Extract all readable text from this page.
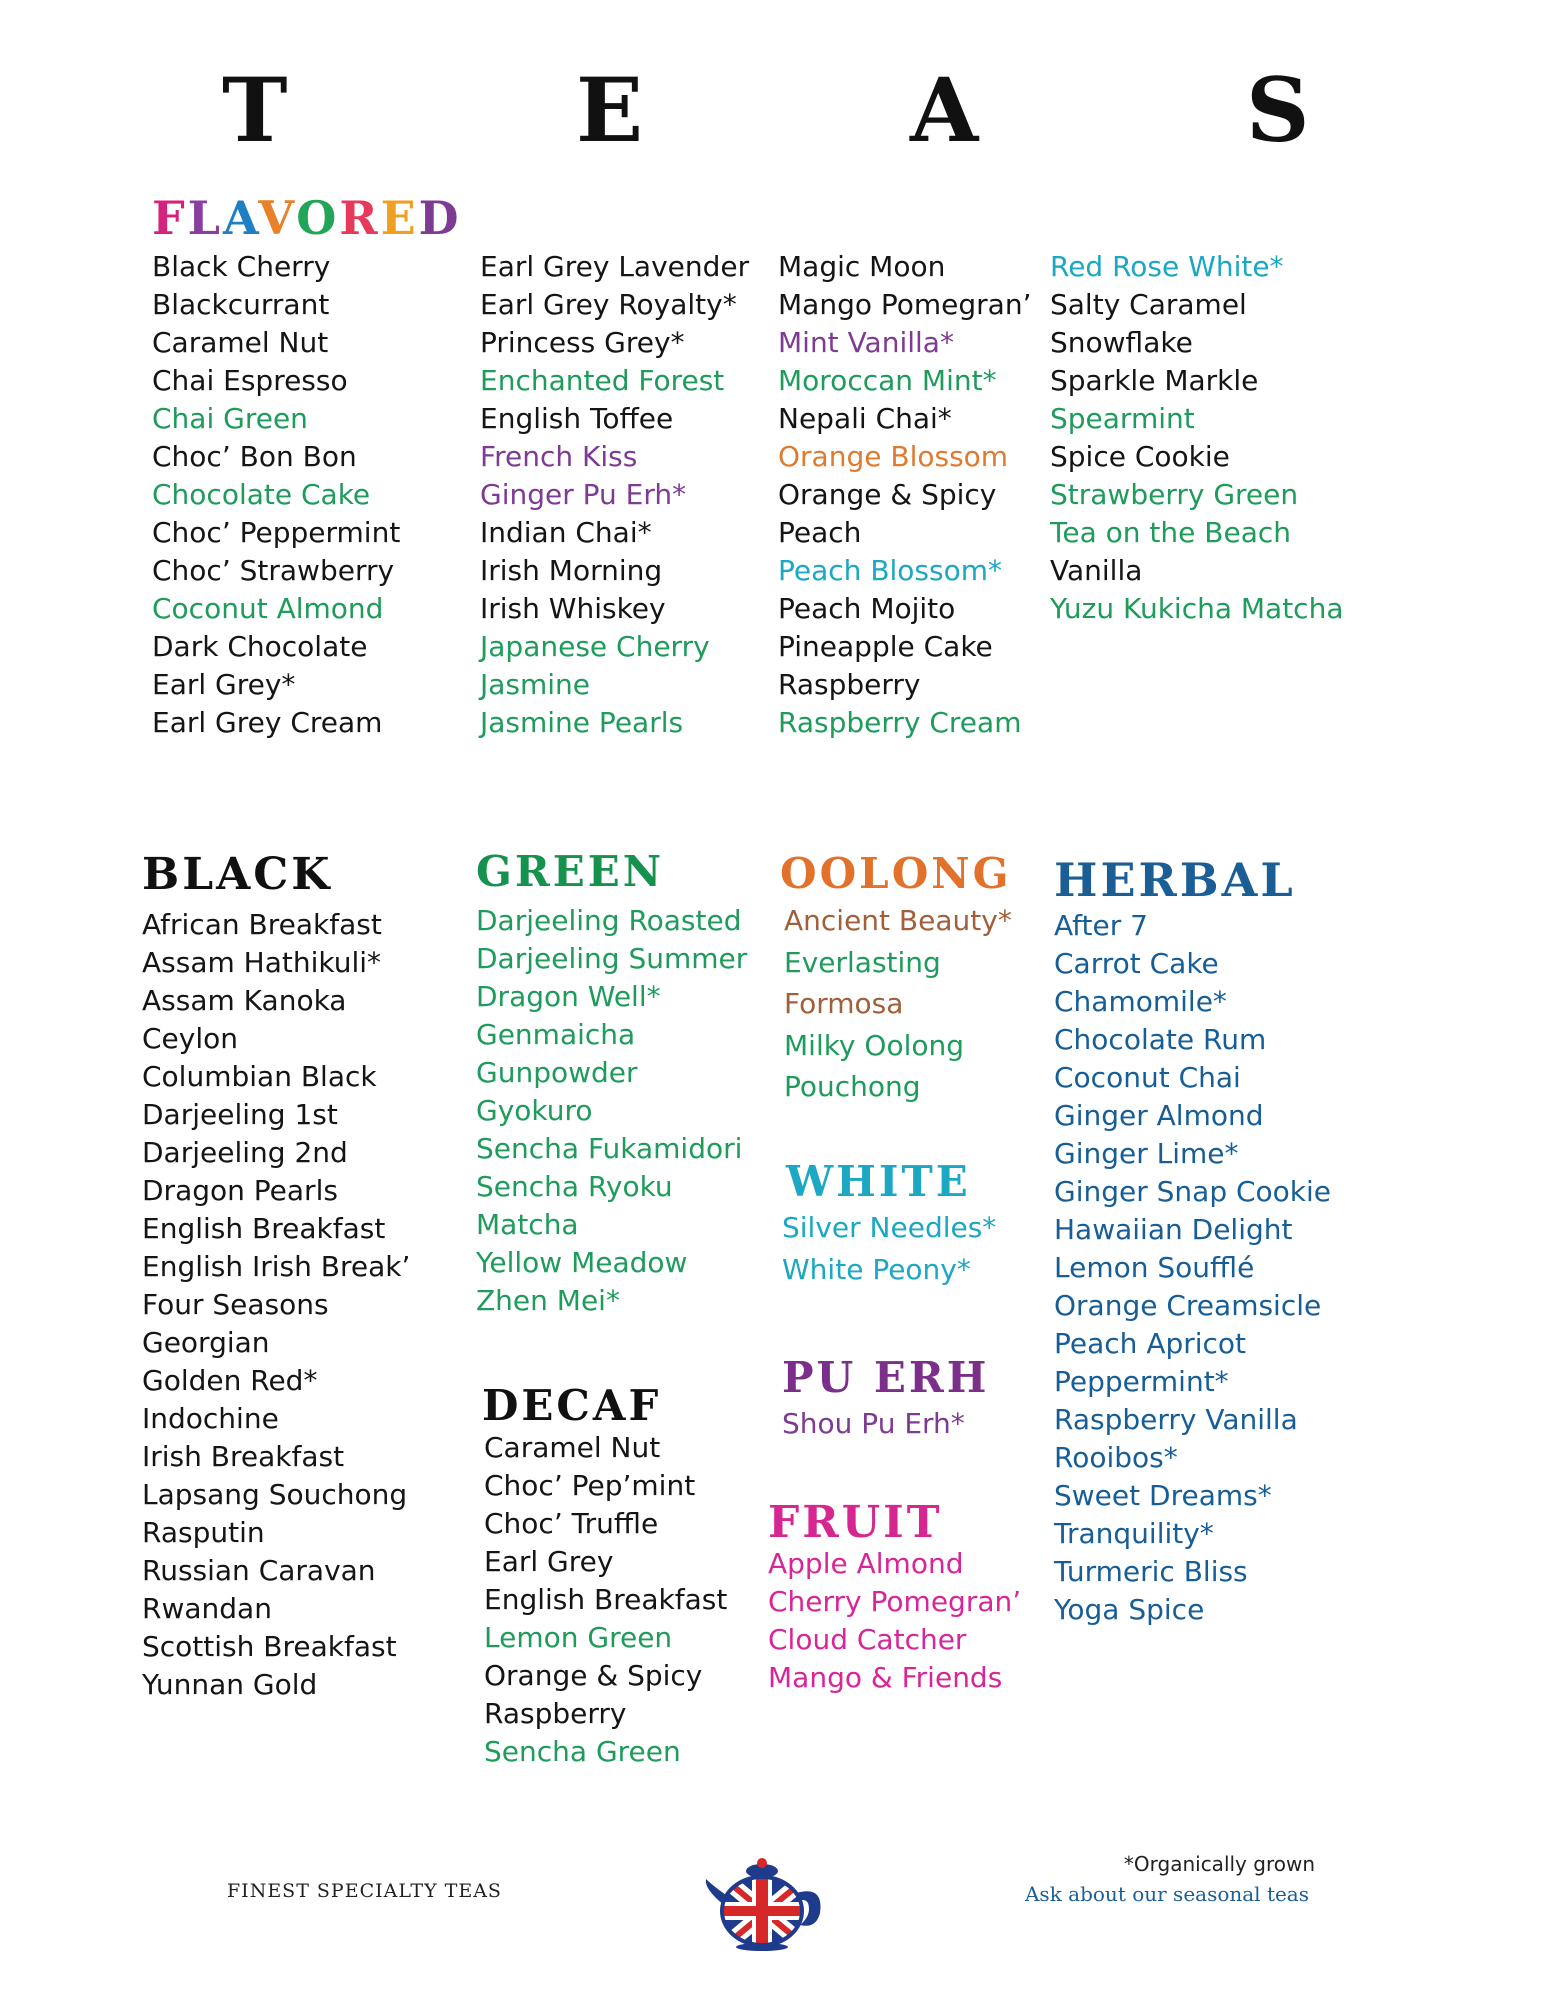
T	E	A	S
FLAVORED
Black Cherry
Blackcurrant
Caramel Nut
Chai Espresso
Chai Green
Choc’ Bon Bon
Chocolate Cake
Choc’ Peppermint
Choc’ Strawberry
Coconut Almond
Dark Chocolate
Earl Grey*
Earl Grey Cream
Earl Grey Lavender
Earl Grey Royalty*
Princess Grey*
Enchanted Forest
English Toffee
French Kiss
Ginger Pu Erh*
Indian Chai*
Irish Morning
Irish Whiskey
Japanese Cherry
Jasmine
Jasmine Pearls
Magic Moon
Mango Pomegran’
Mint Vanilla*
Moroccan Mint*
Nepali Chai*
Orange Blossom
Orange & Spicy
Peach
Peach Blossom*
Peach Mojito
Pineapple Cake
Raspberry
Raspberry Cream
Red Rose White*
Salty Caramel
Snowflake
Sparkle Markle
Spearmint
Spice Cookie
Strawberry Green
Tea on the Beach
Vanilla
Yuzu Kukicha Matcha
BLACK
African Breakfast
Assam Hathikuli*
Assam Kanoka
Ceylon
Columbian Black
Darjeeling 1st
Darjeeling 2nd
Dragon Pearls
English Breakfast
English Irish Break’
Four Seasons
Georgian
Golden Red*
Indochine
Irish Breakfast
Lapsang Souchong
Rasputin
Russian Caravan
Rwandan
Scottish Breakfast
Yunnan Gold
GREEN
Darjeeling Roasted
Darjeeling Summer
Dragon Well*
Genmaicha
Gunpowder
Gyokuro
Sencha Fukamidori
Sencha Ryoku
Matcha
Yellow Meadow
Zhen Mei*
DECAF
Caramel Nut
Choc’ Pep’mint
Choc’ Truffle
Earl Grey
English Breakfast
Lemon Green
Orange & Spicy
Raspberry
Sencha Green
OOLONG
Ancient Beauty*
Everlasting
Formosa
Milky Oolong
Pouchong
WHITE
Silver Needles*
White Peony*
PU ERH
Shou Pu Erh*
FRUIT
Apple Almond
Cherry Pomegran’
Cloud Catcher
Mango & Friends
HERBAL
After 7
Carrot Cake
Chamomile*
Chocolate Rum
Coconut Chai
Ginger Almond
Ginger Lime*
Ginger Snap Cookie
Hawaiian Delight
Lemon Soufflé
Orange Creamsicle
Peach Apricot
Peppermint*
Raspberry Vanilla
Rooibos*
Sweet Dreams*
Tranquility*
Turmeric Bliss
Yoga Spice
FINEST SPECIALTY TEAS
*Organically grown
Ask about our seasonal teas
